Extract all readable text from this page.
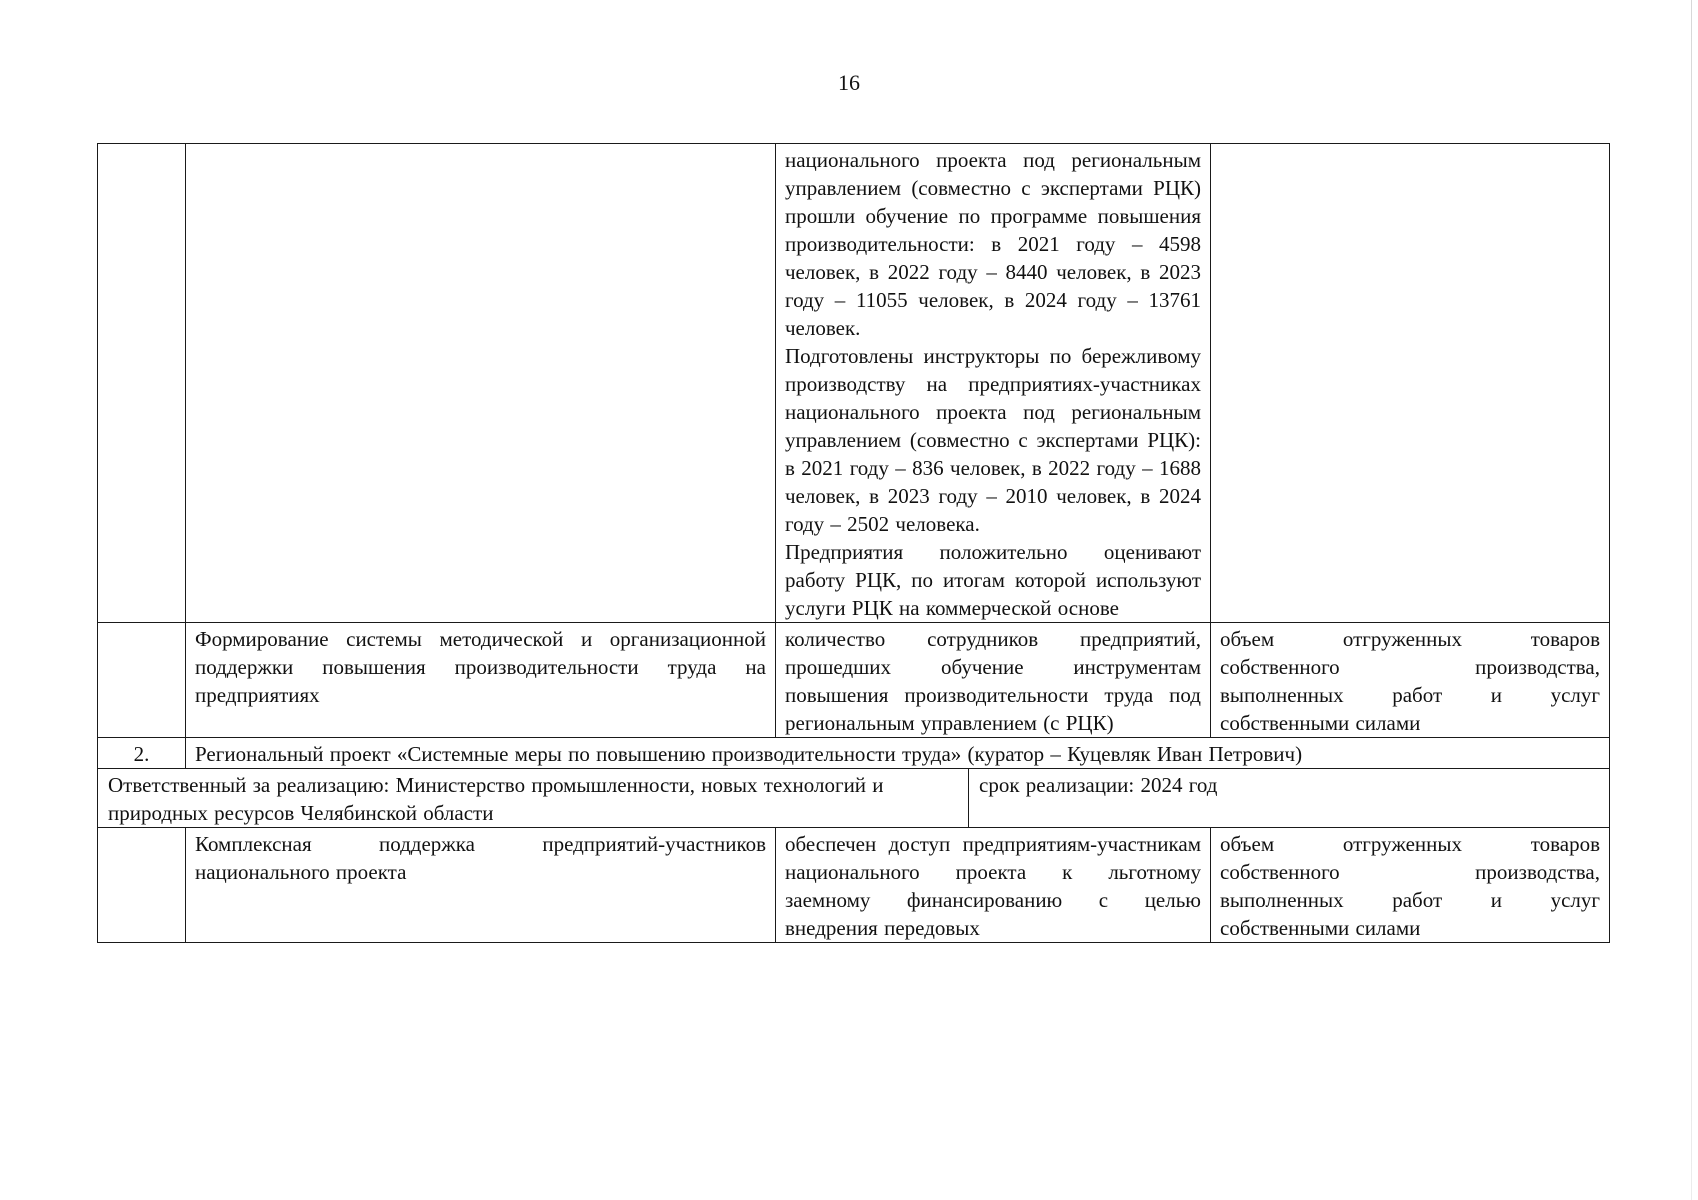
16

		национального проекта под региональным управлением (совместно с экспертами РЦК) прошли обучение по программе повышения производительности: в 2021 году – 4598 человек, в 2022 году – 8440 человек, в 2023 году – 11055 человек, в 2024 году – 13761 человек.

Подготовлены инструкторы по бережливому производству на предприятиях-участниках национального проекта под региональным управлением (совместно с экспертами РЦК): в 2021 году – 836 человек, в 2022 году – 1688 человек, в 2023 году – 2010 человек, в 2024 году – 2502 человека.

Предприятия положительно оценивают работу РЦК, по итогам которой используют услуги РЦК на коммерческой основе	

	Формирование системы методической и организационной поддержки повышения производительности труда на предприятиях	количество сотрудников предприятий, прошедших обучение инструментам повышения производительности труда под региональным управлением (с РЦК)	объем отгруженных товаров собственного производства, выполненных работ и услуг собственными силами
2.	Региональный проект «Системные меры по повышению производительности труда» (куратор – Куцевляк Иван Петрович)		

Ответственный за реализацию: Министерство промышленности, новых технологий и природных ресурсов Челябинской области
срок реализации: 2024 год			

	Комплексная поддержка предприятий-участников национального проекта	обеспечен доступ предприятиям-участникам национального проекта к льготному заемному финансированию с целью внедрения передовых	объем отгруженных товаров собственного производства, выполненных работ и услуг собственными силами
